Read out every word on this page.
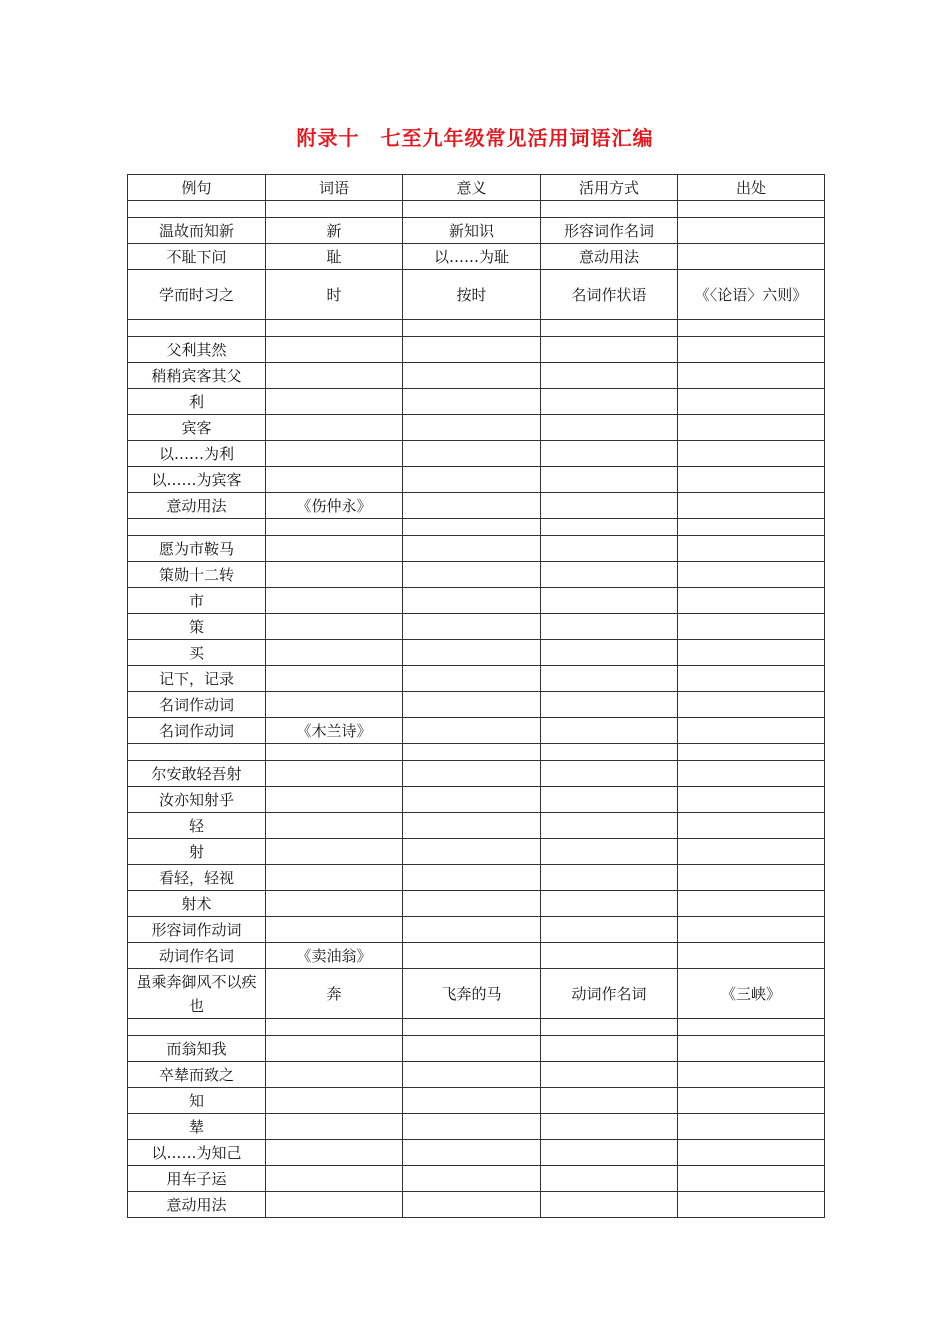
附录十　七至九年级常见活用词语汇编
例句	词语	意义	活用方式	出处

温故而知新	新	新知识	形容词作名词	
不耻下问	耻	以……为耻	意动用法	
学而时习之	时	按时	名词作状语	《〈论语〉六则》

父利其然				
稍稍宾客其父				
利				
宾客				
以……为利				
以……为宾客				
意动用法	《伤仲永》			

愿为市鞍马				
策勋十二转				
市				
策				
买				
记下，记录				
名词作动词				
名词作动词	《木兰诗》			

尔安敢轻吾射				
汝亦知射乎				
轻				
射				
看轻，轻视				
射术				
形容词作动词				
动词作名词	《卖油翁》			
虽乘奔御风不以疾也	奔	飞奔的马	动词作名词	《三峡》

而翁知我				
卒辇而致之				
知				
辇				
以……为知己				
用车子运				
意动用法				
